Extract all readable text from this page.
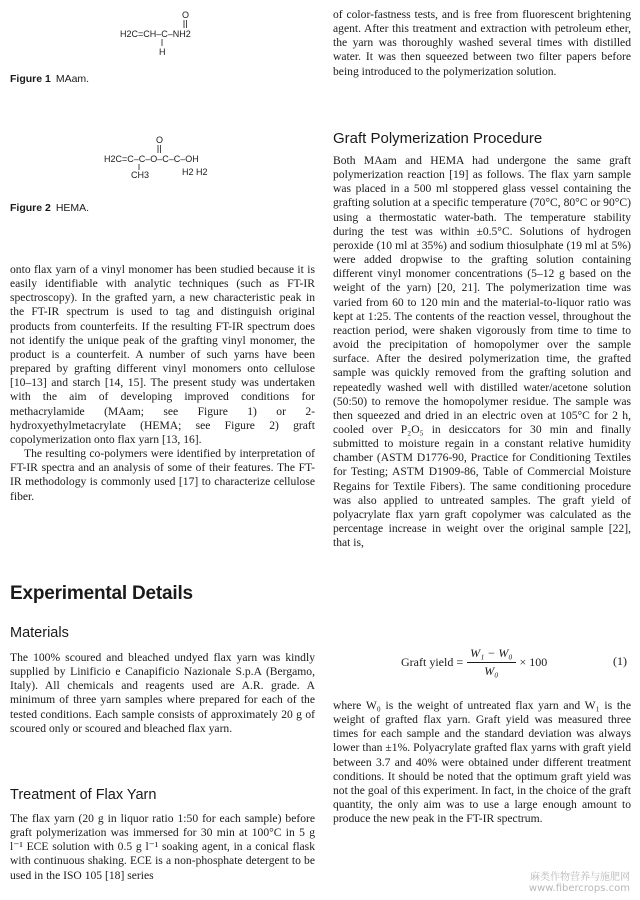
O
H2C=CH–C–NH2
H

Figure 1 MAam.

O
H2C=C–C–O–C–C–OH
CH3	H2 H2

Figure 2 HEMA.

onto flax yarn of a vinyl monomer has been studied because it is easily identifiable with analytic techniques (such as FT-IR spectroscopy). In the grafted yarn, a new characteristic peak in the FT-IR spectrum is used to tag and distinguish original products from counterfeits. If the resulting FT-IR spectrum does not identify the unique peak of the grafting vinyl monomer, the product is a counterfeit. A number of such yarns have been prepared by grafting different vinyl monomers onto cellulose [10–13] and starch [14, 15]. The present study was undertaken with the aim of developing improved conditions for methacrylamide (MAam; see Figure 1) or 2-hydroxyethylmetacrylate (HEMA; see Figure 2) graft copolymerization onto flax yarn [13, 16].

The resulting co-polymers were identified by interpretation of FT-IR spectra and an analysis of some of their features. The FT-IR methodology is commonly used [17] to characterize cellulose fiber.

Experimental Details
Materials

The 100% scoured and bleached undyed flax yarn was kindly supplied by Linificio e Canapificio Nazionale S.p.A (Bergamo, Italy). All chemicals and reagents used are A.R. grade. A minimum of three yarn samples where prepared for each of the tested conditions. Each sample consists of approximately 20 g of scoured only or scoured and bleached flax yarn.

Treatment of Flax Yarn

The flax yarn (20 g in liquor ratio 1:50 for each sample) before graft polymerization was immersed for 30 min at 100°C in 5 g l⁻¹ ECE solution with 0.5 g l⁻¹ soaking agent, in a conical flask with continuous shaking. ECE is a non-phosphate detergent to be used in the ISO 105 [18] series

of color-fastness tests, and is free from fluorescent brightening agent. After this treatment and extraction with petroleum ether, the yarn was thoroughly washed several times with distilled water. It was then squeezed between two filter papers before being introduced to the polymerization solution.

Graft Polymerization Procedure

Both MAam and HEMA had undergone the same graft polymerization reaction [19] as follows. The flax yarn sample was placed in a 500 ml stoppered glass vessel containing the grafting solution at a specific temperature (70°C, 80°C or 90°C) using a thermostatic water-bath. The temperature stability during the test was within ±0.5°C. Solutions of hydrogen peroxide (10 ml at 35%) and sodium thiosulphate (19 ml at 5%) were added dropwise to the grafting solution containing different vinyl monomer concentrations (5–12 g based on the weight of the yarn) [20, 21]. The polymerization time was varied from 60 to 120 min and the material-to-liquor ratio was kept at 1:25. The contents of the reaction vessel, throughout the reaction period, were shaken vigorously from time to time to avoid the precipitation of homopolymer over the sample surface. After the desired polymerization time, the grafted sample was quickly removed from the grafting solution and repeatedly washed well with distilled water/acetone solution (50:50) to remove the homopolymer residue. The sample was then squeezed and dried in an electric oven at 105°C for 2 h, cooled over P₂O₅ in desiccators for 30 min and finally submitted to moisture regain in a constant relative humidity chamber (ASTM D1776-90, Practice for Conditioning Textiles for Testing; ASTM D1909-86, Table of Commercial Moisture Regains for Textile Fibers). The same conditioning procedure was also applied to untreated samples. The graft yield of polyacrylate flax yarn graft copolymer was calculated as the percentage increase in weight over the original sample [22], that is,

where W₀ is the weight of untreated flax yarn and W₁ is the weight of grafted flax yarn. Graft yield was measured three times for each sample and the standard deviation was always lower than ±1%. Polyacrylate grafted flax yarns with graft yield between 3.7 and 40% were obtained under different treatment conditions. It should be noted that the optimum graft yield was not the goal of this experiment. In fact, in the choice of the graft quantity, the only aim was to use a large enough amount to produce the new peak in the FT-IR spectrum.

Graft yield = $\frac{\text{W₁ − W₀}}{\text{W₀}} \times 100$	(1)
麻类作物营养与施肥网
www.fibercrops.com
